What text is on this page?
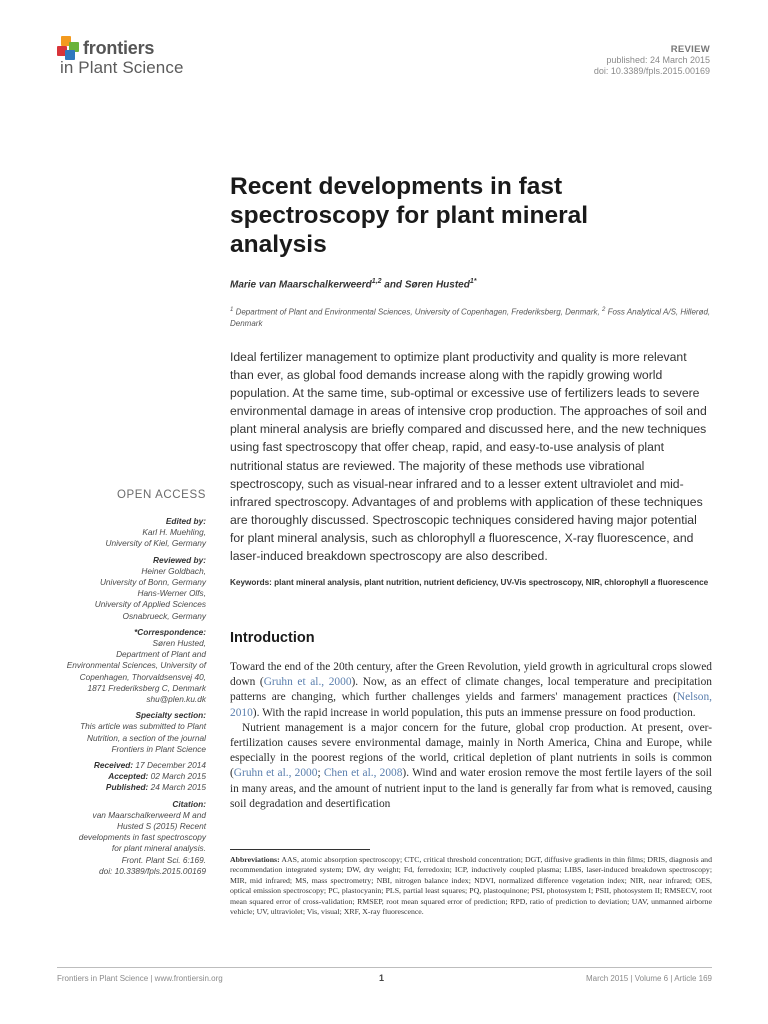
frontiers
in Plant Science
REVIEW
published: 24 March 2015
doi: 10.3389/fpls.2015.00169
Recent developments in fast spectroscopy for plant mineral analysis
Marie van Maarschalkerweerd$^{1,2}$ and Søren Husted$^{1*}$
$^1$ Department of Plant and Environmental Sciences, University of Copenhagen, Frederiksberg, Denmark, $^2$ Foss Analytical A/S, Hillerød, Denmark
Ideal fertilizer management to optimize plant productivity and quality is more relevant than ever, as global food demands increase along with the rapidly growing world population. At the same time, sub-optimal or excessive use of fertilizers leads to severe environmental damage in areas of intensive crop production. The approaches of soil and plant mineral analysis are briefly compared and discussed here, and the new techniques using fast spectroscopy that offer cheap, rapid, and easy-to-use analysis of plant nutritional status are reviewed. The majority of these methods use vibrational spectroscopy, such as visual-near infrared and to a lesser extent ultraviolet and mid-infrared spectroscopy. Advantages of and problems with application of these techniques are thoroughly discussed. Spectroscopic techniques considered having major potential for plant mineral analysis, such as chlorophyll a fluorescence, X-ray fluorescence, and laser-induced breakdown spectroscopy are also described.
Keywords: plant mineral analysis, plant nutrition, nutrient deficiency, UV-Vis spectroscopy, NIR, chlorophyll a fluorescence
OPEN ACCESS
Edited by:
Karl H. Muehling,
University of Kiel, Germany
Reviewed by:
Heiner Goldbach,
University of Bonn, Germany
Hans-Werner Olfs,
University of Applied Sciences
Osnabrueck, Germany
*Correspondence:
Søren Husted,
Department of Plant and
Environmental Sciences, University of
Copenhagen, Thorvaldsensvej 40,
1871 Frederiksberg C, Denmark
shu@plen.ku.dk
Specialty section:
This article was submitted to Plant
Nutrition, a section of the journal
Frontiers in Plant Science
Received: 17 December 2014
Accepted: 02 March 2015
Published: 24 March 2015
Citation:
van Maarschalkerweerd M and
Husted S (2015) Recent
developments in fast spectroscopy
for plant mineral analysis.
Front. Plant Sci. 6:169.
doi: 10.3389/fpls.2015.00169
Introduction

Toward the end of the 20th century, after the Green Revolution, yield growth in agricultural crops slowed down (Gruhn et al., 2000). Now, as an effect of climate changes, local temperature and precipitation patterns are changing, which further challenges yields and farmers' management practices (Nelson, 2010). With the rapid increase in world population, this puts an immense pressure on food production.

Nutrient management is a major concern for the future, global crop production. At present, over-fertilization causes severe environmental damage, mainly in North America, China and Europe, while especially in the poorest regions of the world, critical depletion of plant nutrients in soils is common (Gruhn et al., 2000; Chen et al., 2008). Wind and water erosion remove the most fertile layers of the soil in many areas, and the amount of nutrient input to the land is generally far from what is removed, causing soil degradation and desertification

Abbreviations: AAS, atomic absorption spectroscopy; CTC, critical threshold concentration; DGT, diffusive gradients in thin films; DRIS, diagnosis and recommendation integrated system; DW, dry weight; Fd, ferredoxin; ICP, inductively coupled plasma; LIBS, laser-induced breakdown spectroscopy; MIR, mid infrared; MS, mass spectrometry; NBI, nitrogen balance index; NDVI, normalized difference vegetation index; NIR, near infrared; OES, optical emission spectroscopy; PC, plastocyanin; PLS, partial least squares; PQ, plastoquinone; PSI, photosystem I; PSII, photosystem II; RMSECV, root mean squared error of cross-validation; RMSEP, root mean squared error of prediction; RPD, ratio of prediction to deviation; UAV, unmanned airborne vehicle; UV, ultraviolet; Vis, visual; XRF, X-ray fluorescence.
Frontiers in Plant Science | www.frontiersin.org	1	March 2015 | Volume 6 | Article 169
